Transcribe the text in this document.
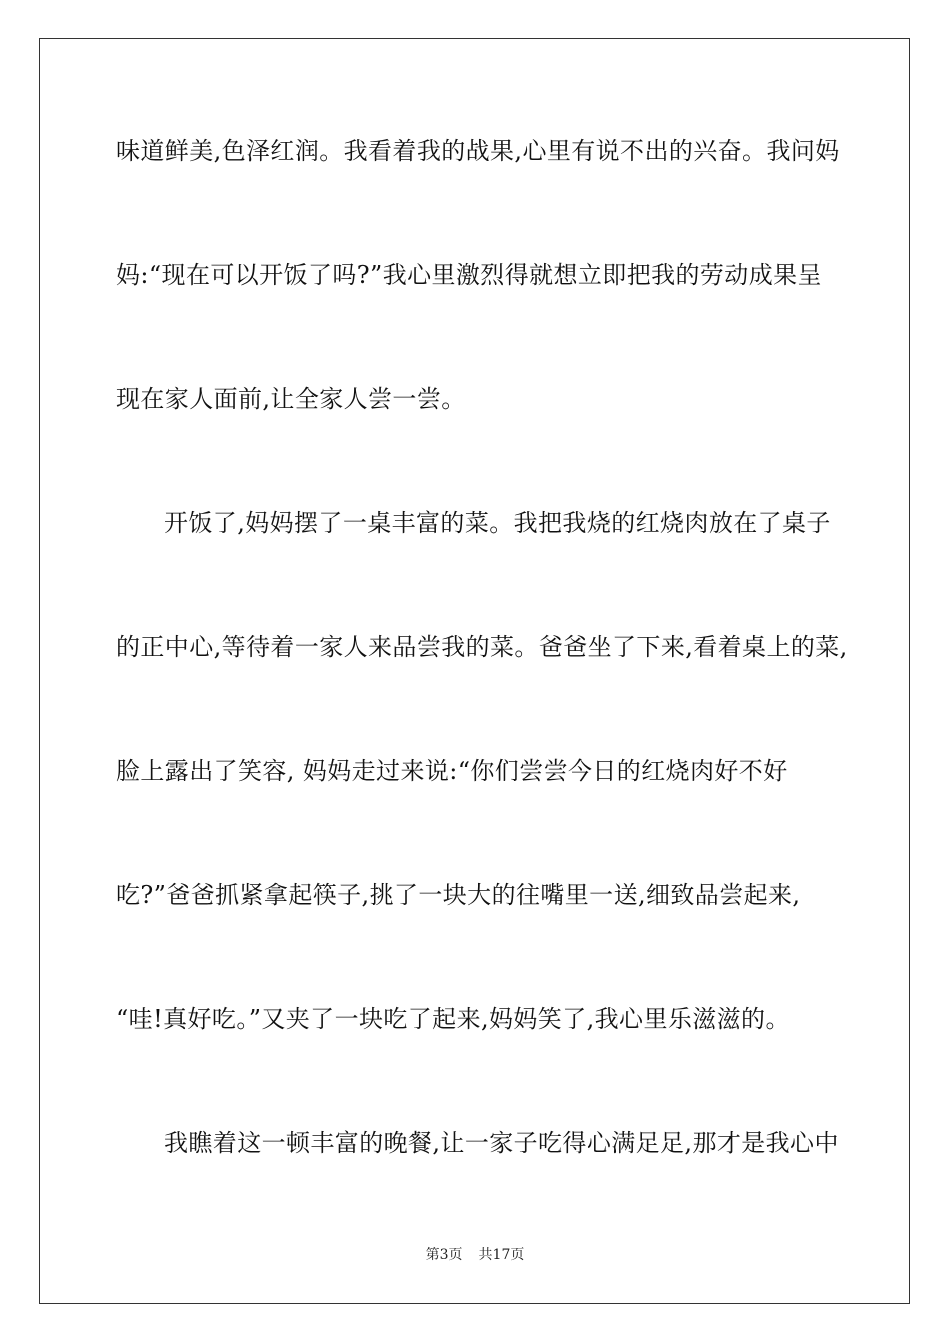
味道鲜美,色泽红润。我看着我的战果,心里有说不出的兴奋。我问妈
妈:“现在可以开饭了吗?”我心里激烈得就想立即把我的劳动成果呈
现在家人面前,让全家人尝一尝。
开饭了,妈妈摆了一桌丰富的菜。我把我烧的红烧肉放在了桌子
的正中心,等待着一家人来品尝我的菜。爸爸坐了下来,看着桌上的菜,
脸上露出了笑容, 妈妈走过来说:“你们尝尝今日的红烧肉好不好
吃?”爸爸抓紧拿起筷子,挑了一块大的往嘴里一送,细致品尝起来,
“哇!真好吃。”又夹了一块吃了起来,妈妈笑了,我心里乐滋滋的。
我瞧着这一顿丰富的晚餐,让一家子吃得心满足足,那才是我心中
第3页 共17页
